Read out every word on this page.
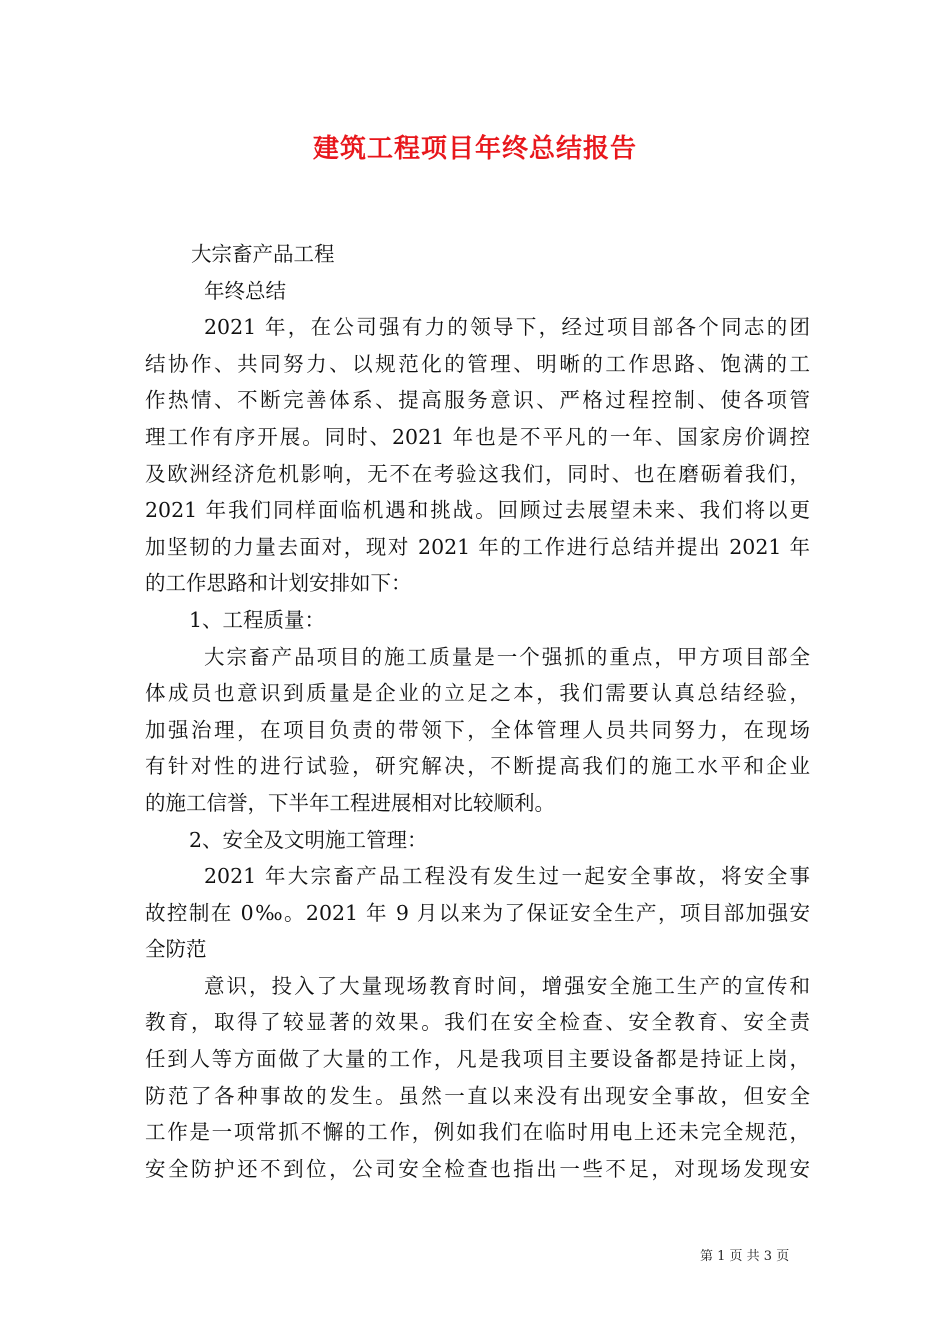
建筑工程项目年终总结报告
大宗畜产品工程
年终总结
2021 年，在公司强有力的领导下，经过项目部各个同志的团
结协作、共同努力、以规范化的管理、明晰的工作思路、饱满的工
作热情、不断完善体系、提高服务意识、严格过程控制、使各项管
理工作有序开展。同时、2021 年也是不平凡的一年、国家房价调控
及欧洲经济危机影响，无不在考验这我们，同时、也在磨砺着我们，
2021 年我们同样面临机遇和挑战。回顾过去展望未来、我们将以更
加坚韧的力量去面对，现对 2021 年的工作进行总结并提出 2021 年
的工作思路和计划安排如下：
1、工程质量：
大宗畜产品项目的施工质量是一个强抓的重点，甲方项目部全
体成员也意识到质量是企业的立足之本，我们需要认真总结经验，
加强治理，在项目负责的带领下，全体管理人员共同努力，在现场
有针对性的进行试验，研究解决，不断提高我们的施工水平和企业
的施工信誉，下半年工程进展相对比较顺利。
2、安全及文明施工管理：
2021 年大宗畜产品工程没有发生过一起安全事故，将安全事
故控制在 0‰。2021 年 9 月以来为了保证安全生产，项目部加强安
全防范
意识，投入了大量现场教育时间，增强安全施工生产的宣传和
教育，取得了较显著的效果。我们在安全检查、安全教育、安全责
任到人等方面做了大量的工作，凡是我项目主要设备都是持证上岗，
防范了各种事故的发生。虽然一直以来没有出现安全事故，但安全
工作是一项常抓不懈的工作，例如我们在临时用电上还未完全规范，
安全防护还不到位，公司安全检查也指出一些不足，对现场发现安
第 1 页 共 3 页
